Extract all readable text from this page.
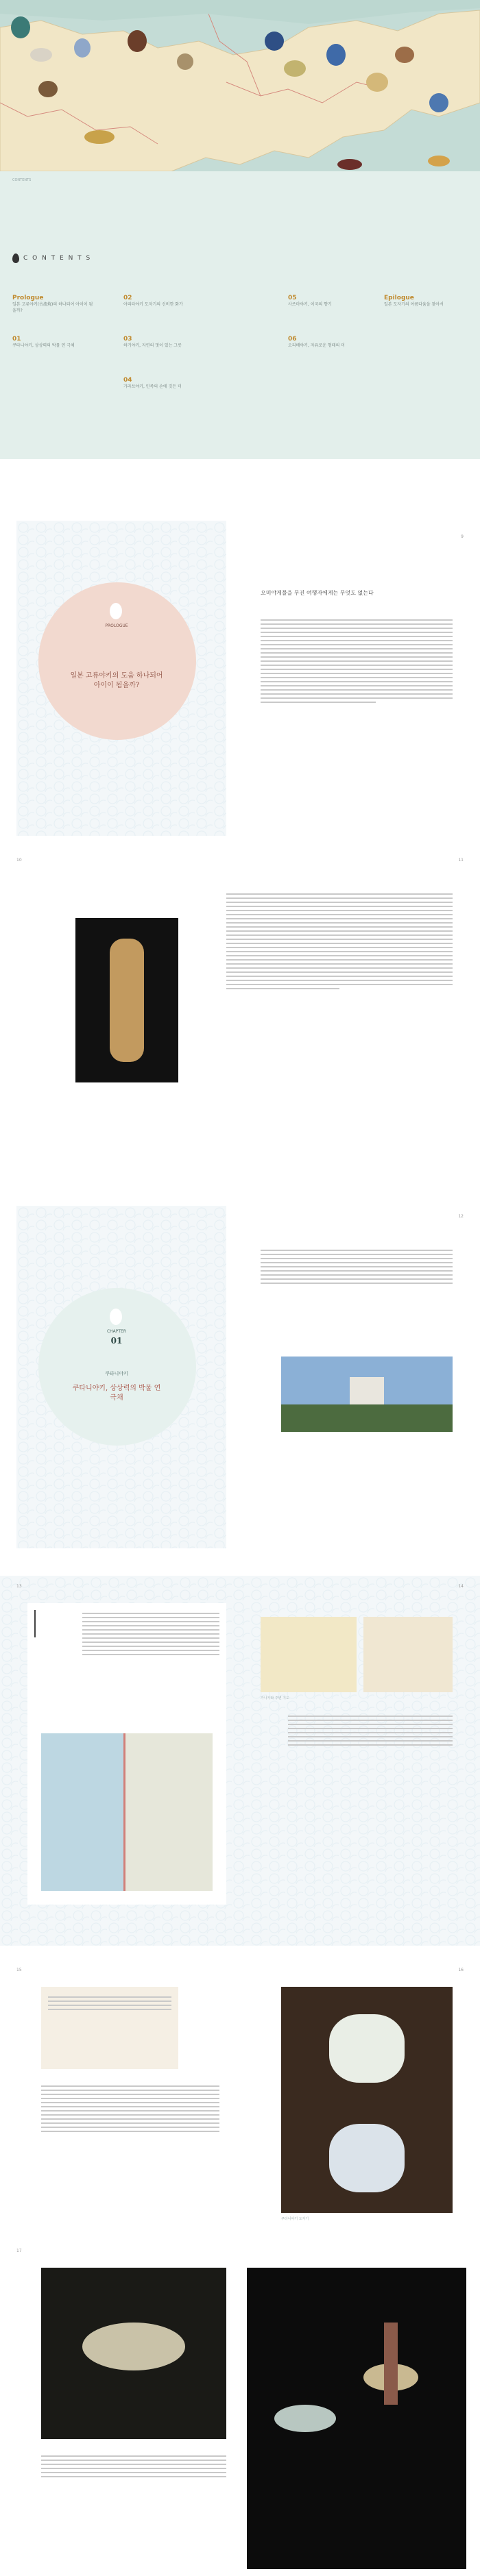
CONTENTS
C O N T E N T S
Prologue
일본 고류야키(古流焼)의 하나되어 아이이 됨을까?
01
쿠타니야키, 상상력의 박물 연 극채
02
아리타야키 도자기의 신비한 화가
03
하기야키, 자연의 멋이 있는 그릇
04
가라쓰야키, 민족의 손에 깃든 미
05
사쓰마야키, 이국의 향기
06
오리베야키, 자유로운 형태의 미
Epilogue
일본 도자기의 아름다움을 찾아서
PROLOGUE
일본 고류야키의 도움 하나되어 아이이 됨을까?
오미야게물을 무진 여행자에게는 무엇도 없는다
9
10	11
CHAPTER
01
쿠타니야키
쿠타니야키, 상상력의 박물 연 극채
12
가나자와 주변 지도
13	14
쿠타니야키 도자기
15	16
17
